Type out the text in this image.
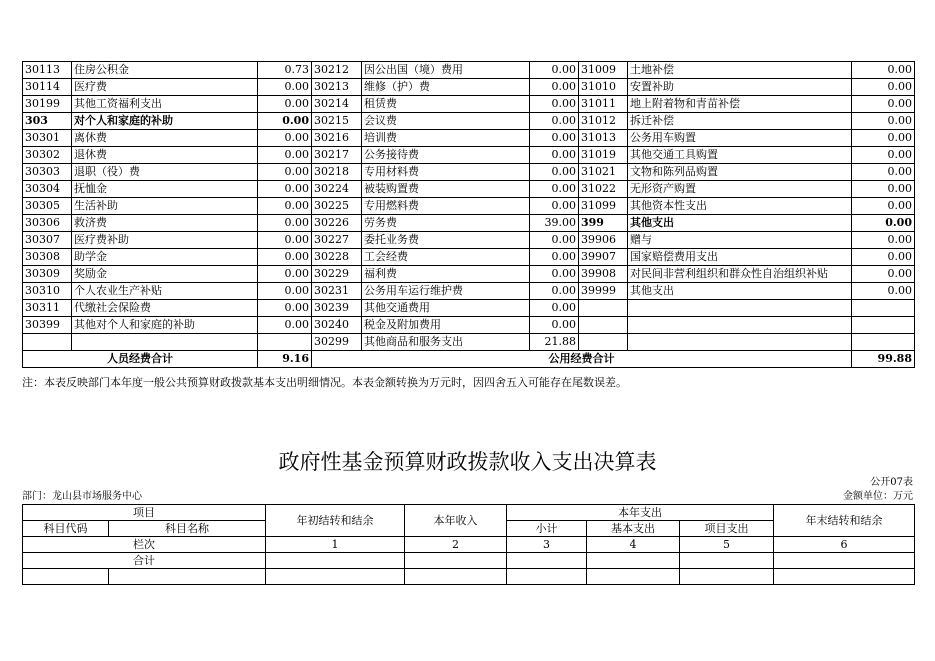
30113	住房公积金	0.73	30212	因公出国（境）费用	0.00	31009	土地补偿	0.00
30114	医疗费	0.00	30213	维修（护）费	0.00	31010	安置补助	0.00
30199	其他工资福利支出	0.00	30214	租赁费	0.00	31011	地上附着物和青苗补偿	0.00
303	对个人和家庭的补助	0.00	30215	会议费	0.00	31012	拆迁补偿	0.00
30301	离休费	0.00	30216	培训费	0.00	31013	公务用车购置	0.00
30302	退休费	0.00	30217	公务接待费	0.00	31019	其他交通工具购置	0.00
30303	退职（役）费	0.00	30218	专用材料费	0.00	31021	文物和陈列品购置	0.00
30304	抚恤金	0.00	30224	被装购置费	0.00	31022	无形资产购置	0.00
30305	生活补助	0.00	30225	专用燃料费	0.00	31099	其他资本性支出	0.00
30306	救济费	0.00	30226	劳务费	39.00	399	其他支出	0.00
30307	医疗费补助	0.00	30227	委托业务费	0.00	39906	赠与	0.00
30308	助学金	0.00	30228	工会经费	0.00	39907	国家赔偿费用支出	0.00
30309	奖励金	0.00	30229	福利费	0.00	39908	对民间非营利组织和群众性自治组织补贴	0.00
30310	个人农业生产补贴	0.00	30231	公务用车运行维护费	0.00	39999	其他支出	0.00
30311	代缴社会保险费	0.00	30239	其他交通费用	0.00			
30399	其他对个人和家庭的补助	0.00	30240	税金及附加费用	0.00			
			30299	其他商品和服务支出	21.88			
人员经费合计		9.16	公用经费合计					99.88
注：本表反映部门本年度一般公共预算财政拨款基本支出明细情况。本表金额转换为万元时，因四舍五入可能存在尾数误差。
政府性基金预算财政拨款收入支出决算表
公开07表
部门：龙山县市场服务中心	金额单位：万元
项目		年初结转和结余	本年收入	本年支出			年末结转和结余
科目代码	科目名称			小计	基本支出	项目支出	
栏次		1	2	3	4	5	6
合计							
